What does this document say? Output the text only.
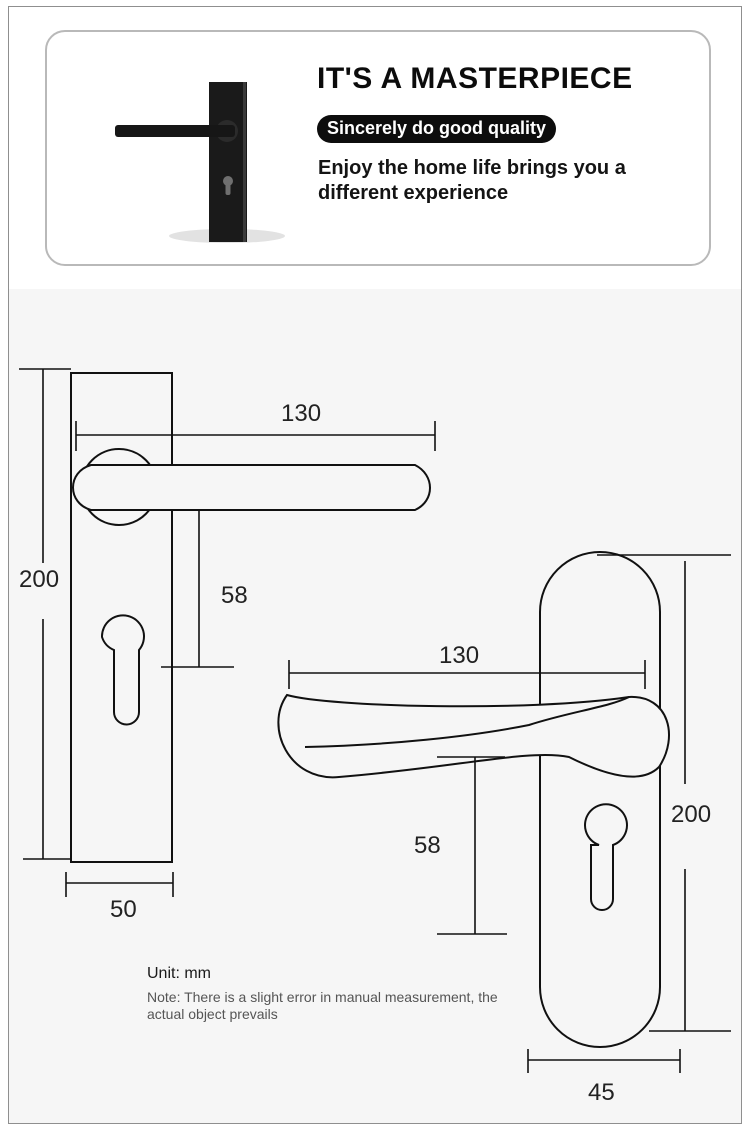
IT'S A MASTERPIECE
Sincerely do good quality
Enjoy the home life brings you a different experience
130
200
58
50
130
58
200
45
Unit: mm
Note: There is a slight error in manual measurement, the actual object prevails
